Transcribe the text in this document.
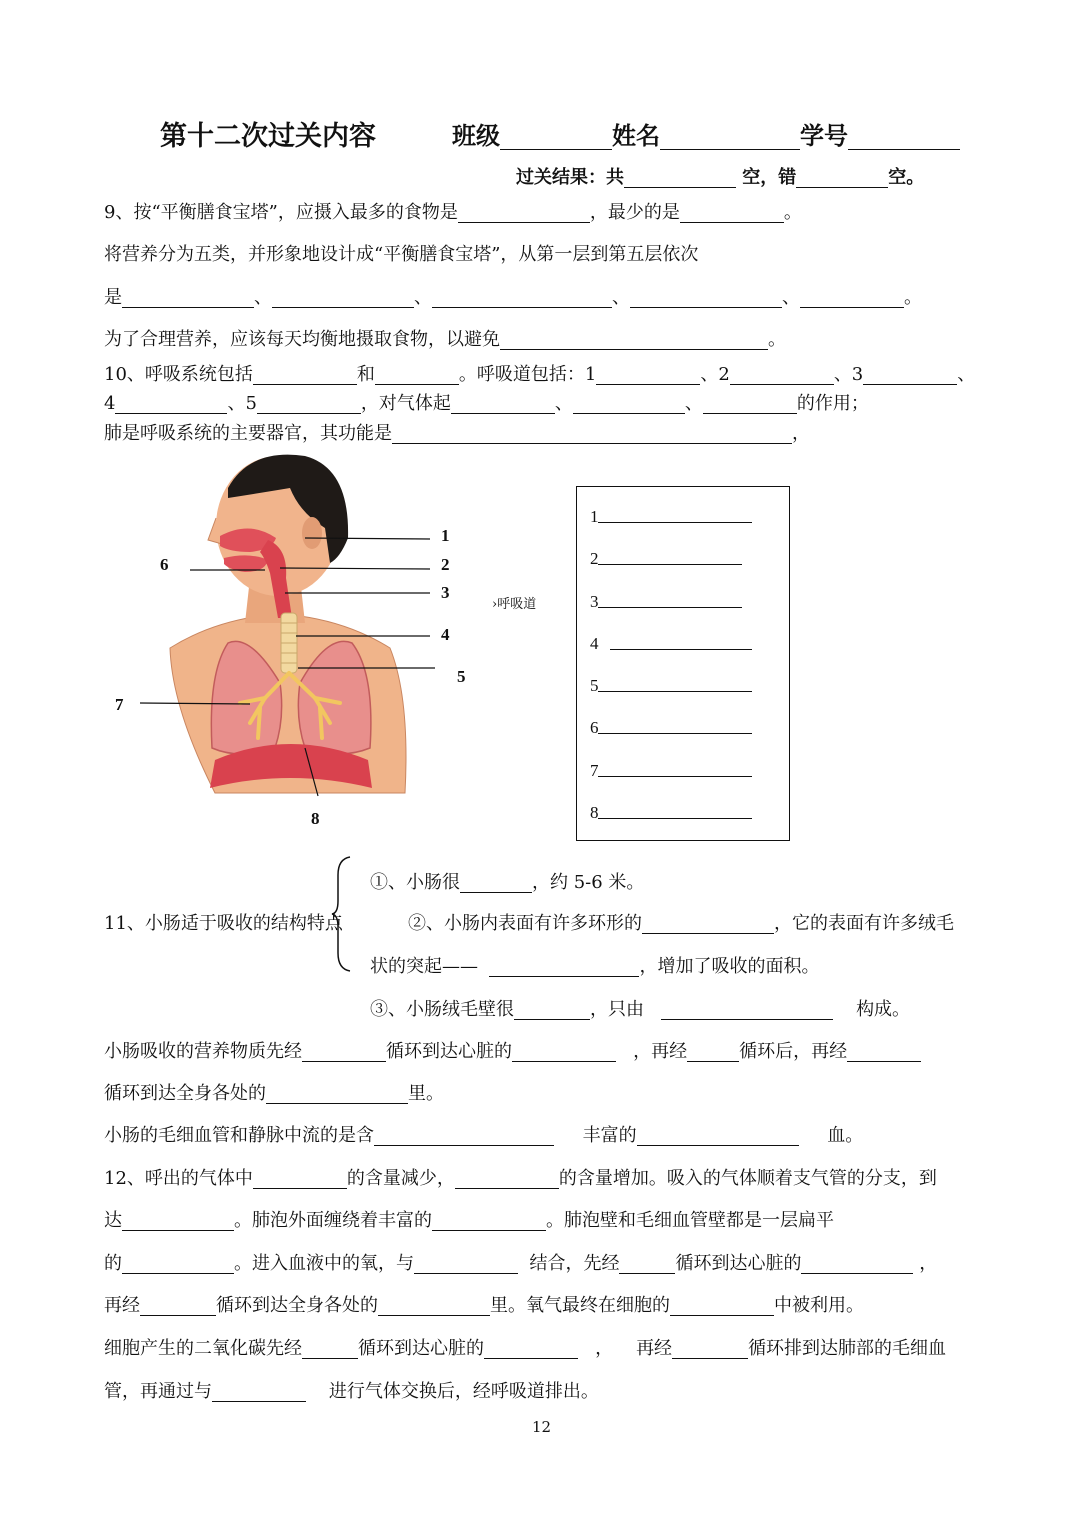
第十二次过关内容	班级	姓名	学号
过关结果：共	空，错	空。
9、按“平衡膳食宝塔”，应摄入最多的食物是	，最少的是	。
将营养分为五类，并形象地设计成“平衡膳食宝塔”，从第一层到第五层依次
是	、	、	、	、	。
为了合理营养，应该每天均衡地摄取食物，以避免	。
10、呼吸系统包括	和	。呼吸道包括：1	、2	、3	、
4	、5	，对气体起	、	、	的作用；
肺是呼吸系统的主要器官，其功能是	，
1
2
3
4
5
6
7
8
›呼吸道
1
2
3
4
5
6
7
8
11、小肠适于吸收的结构特点
①、小肠很	，约 5-6 米。
②、小肠内表面有许多环形的	，它的表面有许多绒毛
状的突起——	，增加了吸收的面积。
③、小肠绒毛壁很	，只由	构成。
小肠吸收的营养物质先经	循环到达心脏的	，再经	循环后，再经
循环到达全身各处的	里。
小肠的毛细血管和静脉中流的是含	丰富的	血。
12、呼出的气体中	的含量减少，	的含量增加。吸入的气体顺着支气管的分支，到
达	。肺泡外面缠绕着丰富的	。肺泡壁和毛细血管壁都是一层扁平
的	。进入血液中的氧，与	结合，先经	循环到达心脏的	，
再经	循环到达全身各处的	里。氧气最终在细胞的	中被利用。
细胞产生的二氧化碳先经	循环到达心脏的	， 再经	循环排到达肺部的毛细血
管，再通过与	进行气体交换后，经呼吸道排出。
12
